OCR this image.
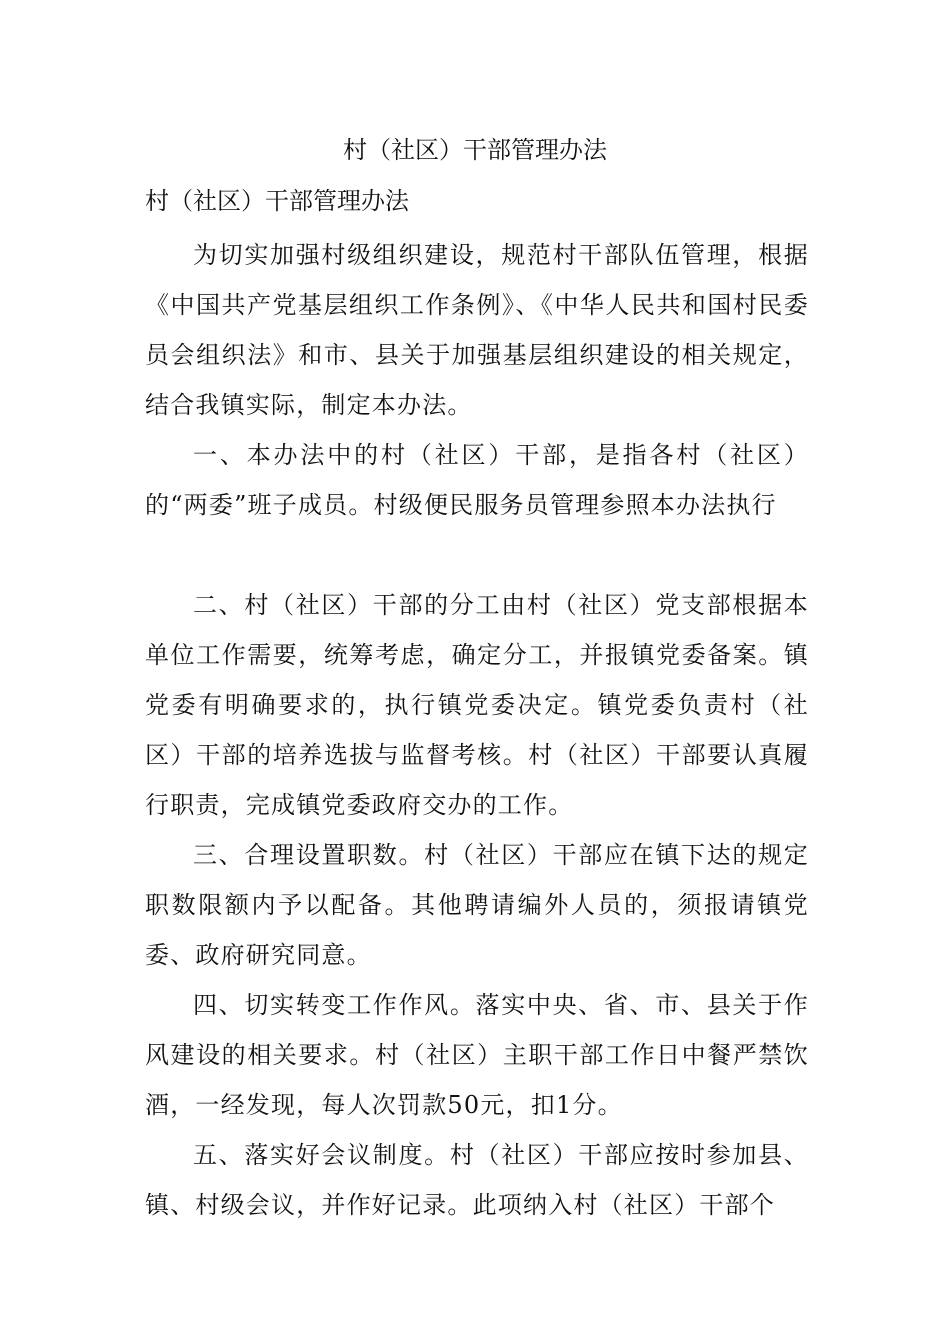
村（社区）干部管理办法
村（社区）干部管理办法

为切实加强村级组织建设，规范村干部队伍管理，根据《中国共产党基层组织工作条例》、《中华人民共和国村民委员会组织法》和市、县关于加强基层组织建设的相关规定，结合我镇实际，制定本办法。

一、本办法中的村（社区）干部，是指各村（社区）的“两委”班子成员。村级便民服务员管理参照本办法执行

二、村（社区）干部的分工由村（社区）党支部根据本单位工作需要，统筹考虑，确定分工，并报镇党委备案。镇党委有明确要求的，执行镇党委决定。镇党委负责村（社区）干部的培养选拔与监督考核。村（社区）干部要认真履行职责，完成镇党委政府交办的工作。

三、合理设置职数。村（社区）干部应在镇下达的规定职数限额内予以配备。其他聘请编外人员的，须报请镇党委、政府研究同意。

四、切实转变工作作风。落实中央、省、市、县关于作风建设的相关要求。村（社区）主职干部工作日中餐严禁饮酒，一经发现，每人次罚款50元，扣1分。

五、落实好会议制度。村（社区）干部应按时参加县、镇、村级会议，并作好记录。此项纳入村（社区）干部个
